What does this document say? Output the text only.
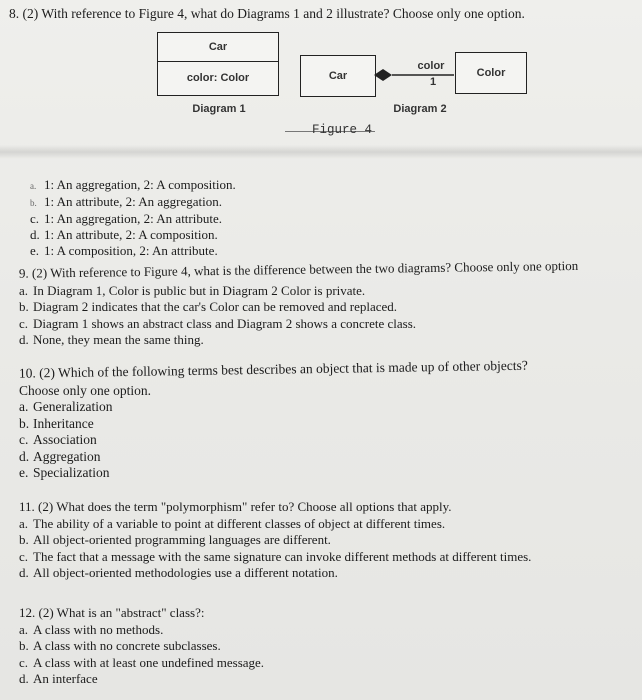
8. (2) With reference to Figure 4, what do Diagrams 1 and 2 illustrate? Choose only one option.
Car
color: Color
Diagram 1
Car
color
1
Color
Diagram 2
Figure 4
a. 1: An aggregation, 2: A composition.
b. 1: An attribute, 2: An aggregation.
c. 1: An aggregation, 2: An attribute.
d. 1: An attribute, 2: A composition.
e. 1: A composition, 2: An attribute.
9. (2) With reference to Figure 4, what is the difference between the two diagrams? Choose only one option
a. In Diagram 1, Color is public but in Diagram 2 Color is private.
b. Diagram 2 indicates that the car's Color can be removed and replaced.
c. Diagram 1 shows an abstract class and Diagram 2 shows a concrete class.
d. None, they mean the same thing.
10. (2) Which of the following terms best describes an object that is made up of other objects?
Choose only one option.
a. Generalization
b. Inheritance
c. Association
d. Aggregation
e. Specialization
11. (2) What does the term "polymorphism" refer to? Choose all options that apply.
a. The ability of a variable to point at different classes of object at different times.
b. All object-oriented programming languages are different.
c. The fact that a message with the same signature can invoke different methods at different times.
d. All object-oriented methodologies use a different notation.
12. (2) What is an "abstract" class?:
a. A class with no methods.
b. A class with no concrete subclasses.
c. A class with at least one undefined message.
d. An interface
